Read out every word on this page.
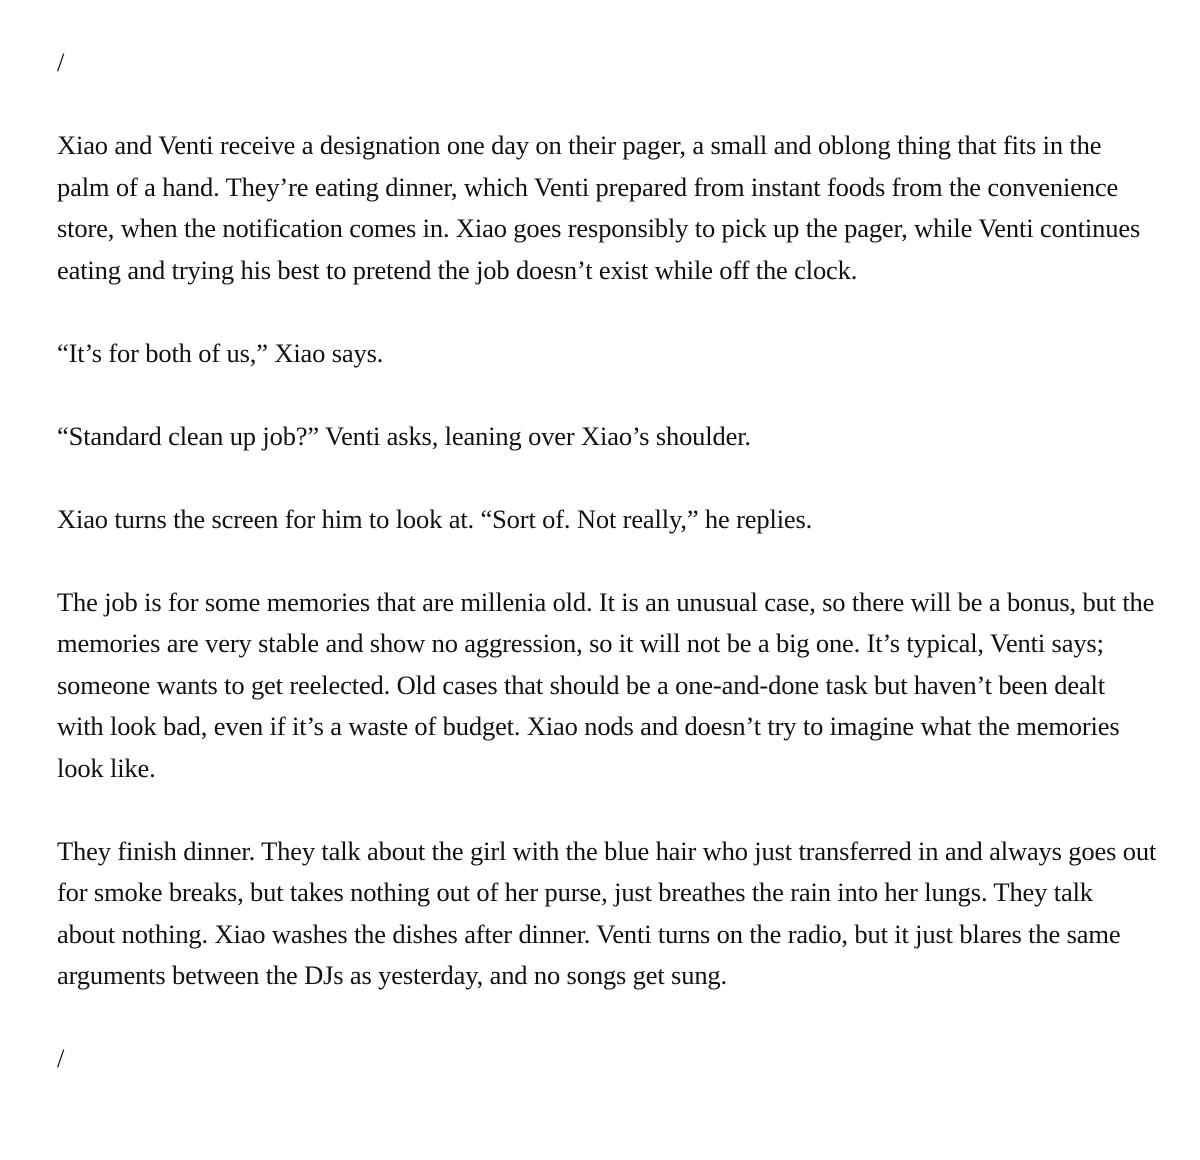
/

Xiao and Venti receive a designation one day on their pager, a small and oblong thing that fits in the palm of a hand. They’re eating dinner, which Venti prepared from instant foods from the convenience store, when the notification comes in. Xiao goes responsibly to pick up the pager, while Venti continues eating and trying his best to pretend the job doesn’t exist while off the clock.

“It’s for both of us,” Xiao says.

“Standard clean up job?” Venti asks, leaning over Xiao’s shoulder.

Xiao turns the screen for him to look at. “Sort of. Not really,” he replies.

The job is for some memories that are millenia old. It is an unusual case, so there will be a bonus, but the memories are very stable and show no aggression, so it will not be a big one. It’s typical, Venti says; someone wants to get reelected. Old cases that should be a one-and-done task but haven’t been dealt with look bad, even if it’s a waste of budget. Xiao nods and doesn’t try to imagine what the memories look like.

They finish dinner. They talk about the girl with the blue hair who just transferred in and always goes out for smoke breaks, but takes nothing out of her purse, just breathes the rain into her lungs. They talk about nothing. Xiao washes the dishes after dinner. Venti turns on the radio, but it just blares the same arguments between the DJs as yesterday, and no songs get sung.

/
